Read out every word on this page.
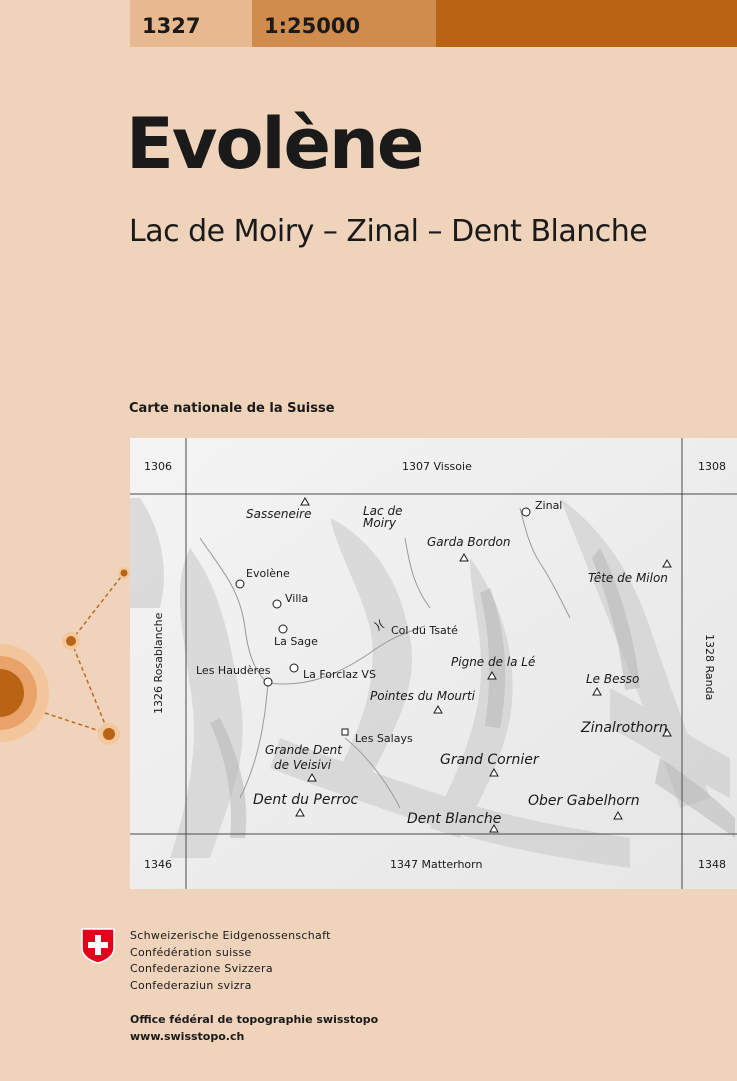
1327	1:25000
Evolène
Lac de Moiry – Zinal – Dent Blanche
Carte nationale de la Suisse
1306	1307 Vissoie	1308
1346	1347 Matterhorn	1348
1326 Rosablanche	1328 Randa
)(
Sasseneire	Lac de
Moiry
Zinal
Garda Bordon
Evolène	Tête de Milon
Villa
Col du Tsaté
La Sage
Pigne de la Lé
Les Haudères	La Forclaz VS	Le Besso
Pointes du Mourti
Zinalrothorn
Les Salays
Grande Dent
de Veisivi	Grand Cornier
Dent du Perroc	Ober Gabelhorn
Dent Blanche
Schweizerische Eidgenossenschaft
Confédération suisse
Confederazione Svizzera
Confederaziun svizra
Office fédéral de topographie swisstopo
www.swisstopo.ch
